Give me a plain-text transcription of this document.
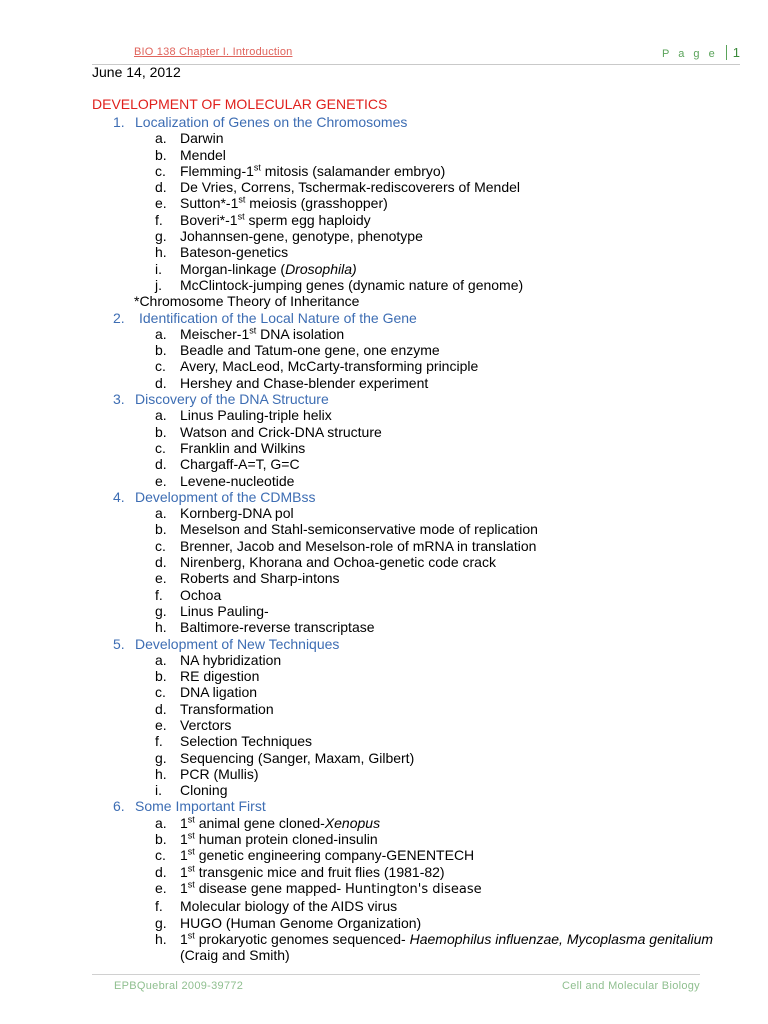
BIO 138 Chapter I. Introduction	P a g e 1
June 14, 2012
DEVELOPMENT OF MOLECULAR GENETICS
1. Localization of Genes on the Chromosomes
a. Darwin
b. Mendel
c. Flemming-1st mitosis (salamander embryo)
d. De Vries, Correns, Tschermak-rediscoverers of Mendel
e. Sutton*-1st meiosis (grasshopper)
f. Boveri*-1st sperm egg haploidy
g. Johannsen-gene, genotype, phenotype
h. Bateson-genetics
i. Morgan-linkage (Drosophila)
j. McClintock-jumping genes (dynamic nature of genome)
*Chromosome Theory of Inheritance
2. Identification of the Local Nature of the Gene
a. Meischer-1st DNA isolation
b. Beadle and Tatum-one gene, one enzyme
c. Avery, MacLeod, McCarty-transforming principle
d. Hershey and Chase-blender experiment
3. Discovery of the DNA Structure
a. Linus Pauling-triple helix
b. Watson and Crick-DNA structure
c. Franklin and Wilkins
d. Chargaff-A=T, G=C
e. Levene-nucleotide
4. Development of the CDMBss
a. Kornberg-DNA pol
b. Meselson and Stahl-semiconservative mode of replication
c. Brenner, Jacob and Meselson-role of mRNA in translation
d. Nirenberg, Khorana and Ochoa-genetic code crack
e. Roberts and Sharp-intons
f. Ochoa
g. Linus Pauling-
h. Baltimore-reverse transcriptase
5. Development of New Techniques
a. NA hybridization
b. RE digestion
c. DNA ligation
d. Transformation
e. Verctors
f. Selection Techniques
g. Sequencing (Sanger, Maxam, Gilbert)
h. PCR (Mullis)
i. Cloning
6. Some Important First
a. 1st animal gene cloned-Xenopus
b. 1st human protein cloned-insulin
c. 1st genetic engineering company-GENENTECH
d. 1st transgenic mice and fruit flies (1981-82)
e. 1st disease gene mapped- Huntington's disease
f. Molecular biology of the AIDS virus
g. HUGO (Human Genome Organization)
h. 1st prokaryotic genomes sequenced- Haemophilus influenzae, Mycoplasma genitalium
(Craig and Smith)
EPBQuebral 2009-39772	Cell and Molecular Biology
